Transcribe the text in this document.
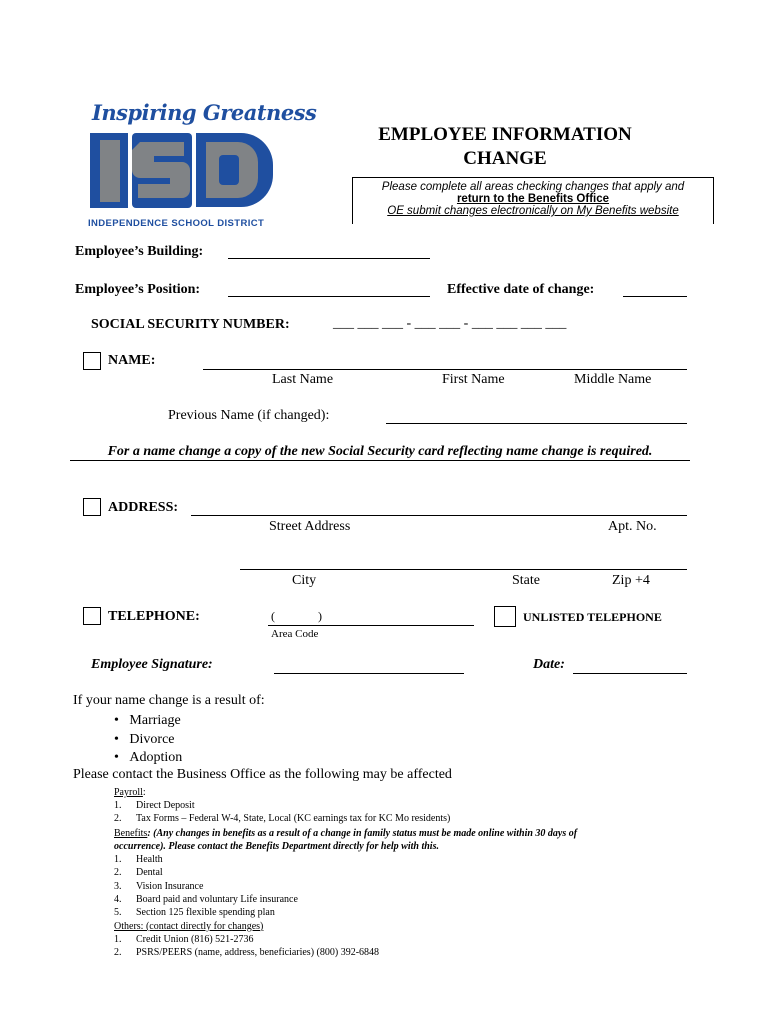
Inspiring Greatness
INDEPENDENCE SCHOOL DISTRICT
EMPLOYEE INFORMATION
CHANGE
Please complete all areas checking changes that apply and
return to the Benefits Office
OE submit changes electronically on My Benefits website
Employee’s Building:
Employee’s Position:	Effective date of change:
SOCIAL SECURITY NUMBER:	___ ___ ___ - ___ ___ - ___ ___ ___ ___
NAME:
Last Name	First Name	Middle Name
Previous Name (if changed):
For a name change a copy of the new Social Security card reflecting name change is required.
ADDRESS:
Street Address	Apt. No.
City	State	Zip +4
TELEPHONE:	(	)
Area Code
UNLISTED TELEPHONE
Employee Signature:	Date:
If your name change is a result of:
• Marriage
• Divorce
• Adoption
Please contact the Business Office as the following may be affected
Payroll:
1. Direct Deposit
2. Tax Forms – Federal W-4, State, Local (KC earnings tax for KC Mo residents)
Benefits: (Any changes in benefits as a result of a change in family status must be made online within 30 days of
occurrence). Please contact the Benefits Department directly for help with this.
1. Health
2. Dental
3. Vision Insurance
4. Board paid and voluntary Life insurance
5. Section 125 flexible spending plan
Others: (contact directly for changes)
1. Credit Union (816) 521-2736
2. PSRS/PEERS (name, address, beneficiaries) (800) 392-6848
